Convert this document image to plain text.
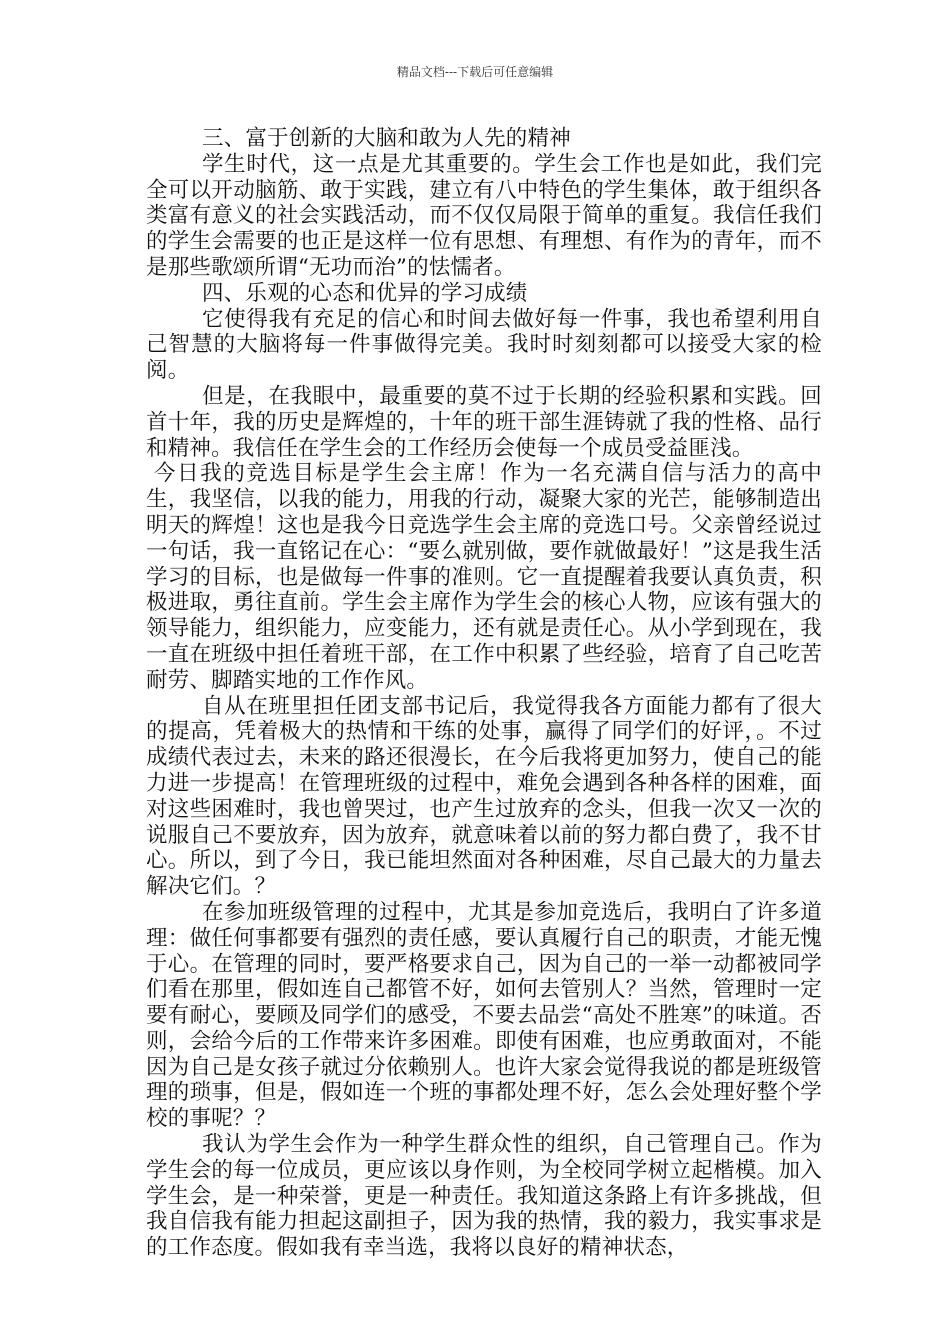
精品文档---下载后可任意编辑

三、富于创新的大脑和敢为人先的精神

学生时代，这一点是尤其重要的。学生会工作也是如此，我们完全可以开动脑筋、敢于实践，建立有八中特色的学生集体，敢于组织各类富有意义的社会实践活动，而不仅仅局限于简单的重复。我信任我们的学生会需要的也正是这样一位有思想、有理想、有作为的青年，而不是那些歌颂所谓“无功而治”的怯懦者。

四、乐观的心态和优异的学习成绩

它使得我有充足的信心和时间去做好每一件事，我也希望利用自己智慧的大脑将每一件事做得完美。我时时刻刻都可以接受大家的检阅。

但是，在我眼中，最重要的莫不过于长期的经验积累和实践。回首十年，我的历史是辉煌的，十年的班干部生涯铸就了我的性格、品行和精神。我信任在学生会的工作经历会使每一个成员受益匪浅。

今日我的竞选目标是学生会主席！作为一名充满自信与活力的高中生，我坚信，以我的能力，用我的行动，凝聚大家的光芒，能够制造出明天的辉煌！这也是我今日竞选学生会主席的竞选口号。父亲曾经说过一句话，我一直铭记在心：“要么就别做，要作就做最好！”这是我生活学习的目标，也是做每一件事的准则。它一直提醒着我要认真负责，积极进取，勇往直前。学生会主席作为学生会的核心人物，应该有强大的领导能力，组织能力，应变能力，还有就是责任心。从小学到现在，我一直在班级中担任着班干部，在工作中积累了些经验，培育了自己吃苦耐劳、脚踏实地的工作作风。

自从在班里担任团支部书记后，我觉得我各方面能力都有了很大的提高，凭着极大的热情和干练的处事，赢得了同学们的好评，。不过成绩代表过去，未来的路还很漫长，在今后我将更加努力，使自己的能力进一步提高！在管理班级的过程中，难免会遇到各种各样的困难，面对这些困难时，我也曾哭过，也产生过放弃的念头，但我一次又一次的说服自己不要放弃，因为放弃，就意味着以前的努力都白费了，我不甘心。所以，到了今日，我已能坦然面对各种困难，尽自己最大的力量去解决它们。？

在参加班级管理的过程中，尤其是参加竞选后，我明白了许多道理：做任何事都要有强烈的责任感，要认真履行自己的职责，才能无愧于心。在管理的同时，要严格要求自己，因为自己的一举一动都被同学们看在那里，假如连自己都管不好，如何去管别人？当然，管理时一定要有耐心，要顾及同学们的感受，不要去品尝“高处不胜寒”的味道。否则，会给今后的工作带来许多困难。即使有困难，也应勇敢面对，不能因为自己是女孩子就过分依赖别人。也许大家会觉得我说的都是班级管理的琐事，但是，假如连一个班的事都处理不好，怎么会处理好整个学校的事呢？？

我认为学生会作为一种学生群众性的组织，自己管理自己。作为学生会的每一位成员，更应该以身作则，为全校同学树立起楷模。加入学生会，是一种荣誉，更是一种责任。我知道这条路上有许多挑战，但我自信我有能力担起这副担子，因为我的热情，我的毅力，我实事求是的工作态度。假如我有幸当选，我将以良好的精神状态，
